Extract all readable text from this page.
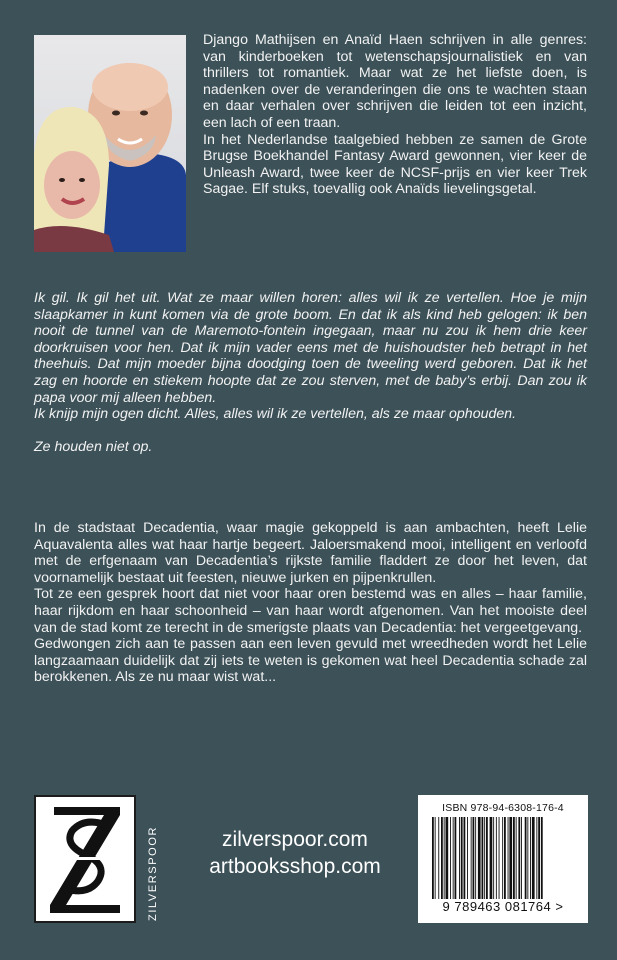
Django Mathijsen en Anaïd Haen schrijven in alle genres: van kinderboeken tot wetenschapsjournalistiek en van thrillers tot romantiek. Maar wat ze het liefste doen, is nadenken over de veranderingen die ons te wachten staan en daar verhalen over schrijven die leiden tot een inzicht, een lach of een traan.

In het Nederlandse taalgebied hebben ze samen de Grote Brugse Boekhandel Fantasy Award gewonnen, vier keer de Unleash Award, twee keer de NCSF-prijs en vier keer Trek Sagae. Elf stuks, toevallig ook Anaïds lievelingsgetal.

Ik gil. Ik gil het uit. Wat ze maar willen horen: alles wil ik ze vertellen. Hoe je mijn slaapkamer in kunt komen via de grote boom. En dat ik als kind heb gelogen: ik ben nooit de tunnel van de Maremoto-fontein ingegaan, maar nu zou ik hem drie keer doorkruisen voor hen. Dat ik mijn vader eens met de huishoudster heb betrapt in het theehuis. Dat mijn moeder bijna doodging toen de tweeling werd geboren. Dat ik het zag en hoorde en stiekem hoopte dat ze zou sterven, met de baby’s erbij. Dan zou ik papa voor mij alleen hebben.

Ik knijp mijn ogen dicht. Alles, alles wil ik ze vertellen, als ze maar ophouden.

Ze houden niet op.

In de stadstaat Decadentia, waar magie gekoppeld is aan ambachten, heeft Lelie Aquavalenta alles wat haar hartje begeert. Jaloersmakend mooi, intelligent en verloofd met de erfgenaam van Decadentia’s rijkste familie fladdert ze door het leven, dat voornamelijk bestaat uit feesten, nieuwe jurken en pijpenkrullen.

Tot ze een gesprek hoort dat niet voor haar oren bestemd was en alles – haar familie, haar rijkdom en haar schoonheid – van haar wordt afgenomen. Van het mooiste deel van de stad komt ze terecht in de smerigste plaats van Decadentia: het vergeetgevang.

Gedwongen zich aan te passen aan een leven gevuld met wreedheden wordt het Lelie langzaamaan duidelijk dat zij iets te weten is gekomen wat heel Decadentia schade zal berokkenen. Als ze nu maar wist wat...

ZILVERSPOOR	zilverspoor.com
artbooksshop.com
ISBN 978-94-6308-176-4
9 789463 081764 >
